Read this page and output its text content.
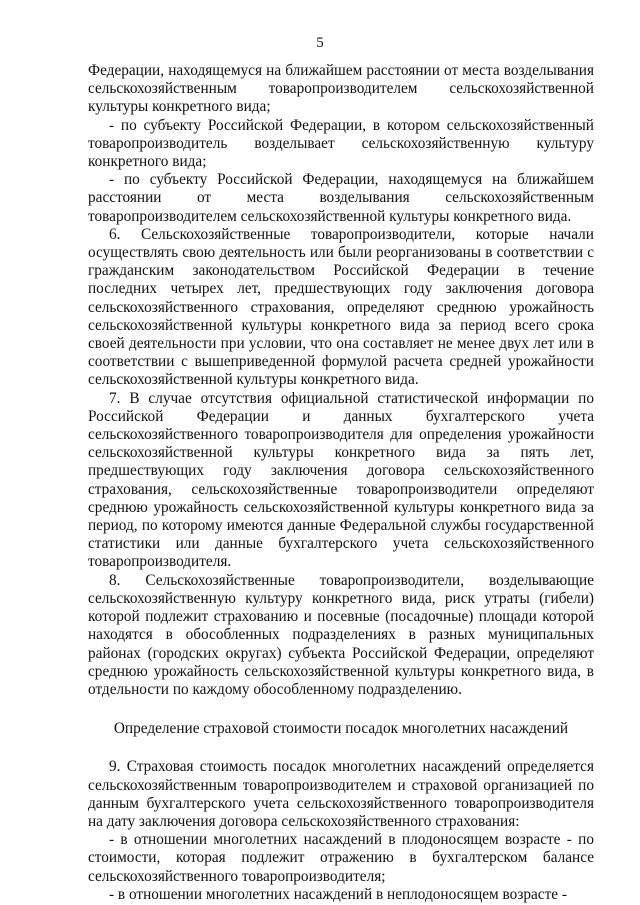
5

Федерации, находящемуся на ближайшем расстоянии от места возделывания сельскохозяйственным товаропроизводителем сельскохозяйственной культуры конкретного вида;

- по субъекту Российской Федерации, в котором сельскохозяйственный товаропроизводитель возделывает сельскохозяйственную культуру конкретного вида;

- по субъекту Российской Федерации, находящемуся на ближайшем расстоянии от места возделывания сельскохозяйственным товаропроизводителем сельскохозяйственной культуры конкретного вида.

6. Сельскохозяйственные товаропроизводители, которые начали осуществлять свою деятельность или были реорганизованы в соответствии с гражданским законодательством Российской Федерации в течение последних четырех лет, предшествующих году заключения договора сельскохозяйственного страхования, определяют среднюю урожайность сельскохозяйственной культуры конкретного вида за период всего срока своей деятельности при условии, что она составляет не менее двух лет или в соответствии с вышеприведенной формулой расчета средней урожайности сельскохозяйственной культуры конкретного вида.

7. В случае отсутствия официальной статистической информации по Российской Федерации и данных бухгалтерского учета сельскохозяйственного товаропроизводителя для определения урожайности сельскохозяйственной культуры конкретного вида за пять лет, предшествующих году заключения договора сельскохозяйственного страхования, сельскохозяйственные товаропроизводители определяют среднюю урожайность сельскохозяйственной культуры конкретного вида за период, по которому имеются данные Федеральной службы государственной статистики или данные бухгалтерского учета сельскохозяйственного товаропроизводителя.

8. Сельскохозяйственные товаропроизводители, возделывающие сельскохозяйственную культуру конкретного вида, риск утраты (гибели) которой подлежит страхованию и посевные (посадочные) площади которой находятся в обособленных подразделениях в разных муниципальных районах (городских округах) субъекта Российской Федерации, определяют среднюю урожайность сельскохозяйственной культуры конкретного вида, в отдельности по каждому обособленному подразделению.

Определение страховой стоимости посадок многолетних насаждений

9. Страховая стоимость посадок многолетних насаждений определяется сельскохозяйственным товаропроизводителем и страховой организацией по данным бухгалтерского учета сельскохозяйственного товаропроизводителя на дату заключения договора сельскохозяйственного страхования:

- в отношении многолетних насаждений в плодоносящем возрасте - по стоимости, которая подлежит отражению в бухгалтерском балансе сельскохозяйственного товаропроизводителя;

- в отношении многолетних насаждений в неплодоносящем возрасте -
